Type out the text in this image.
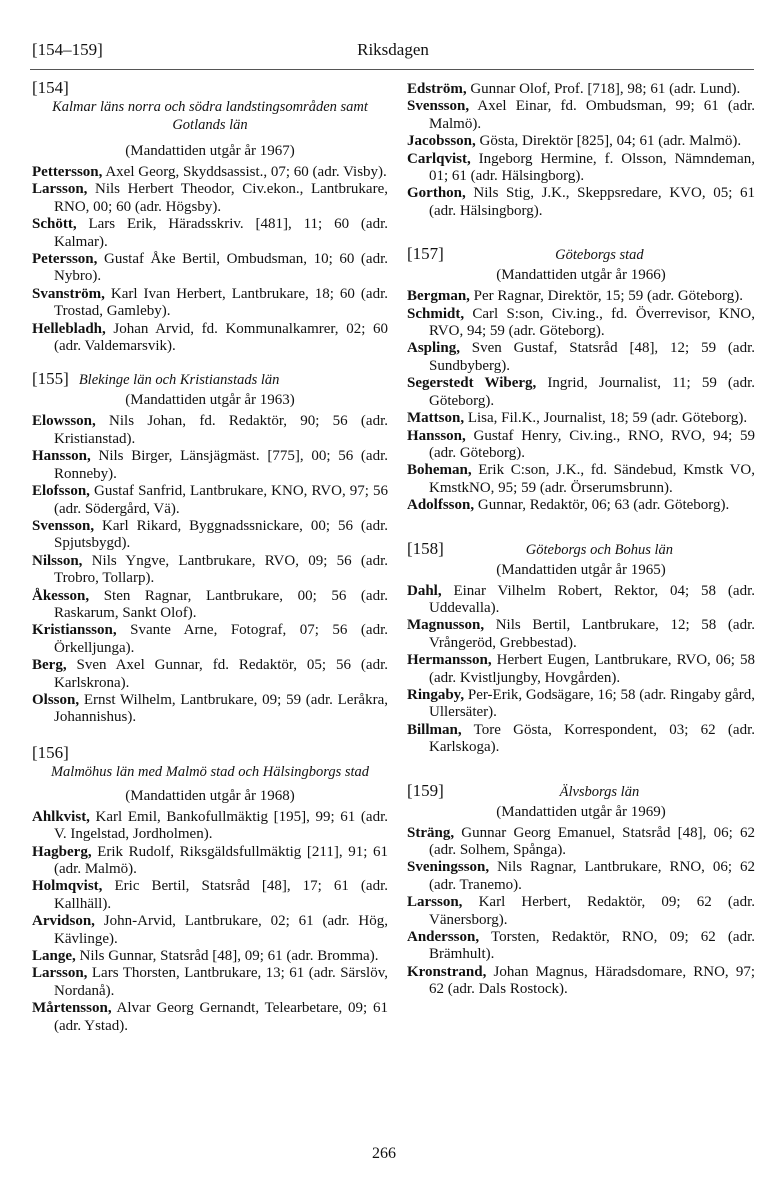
[154–159]	Riksdagen
[154]
Kalmar läns norra och södra landstingsområden samt Gotlands län
(Mandattiden utgår år 1967)
Pettersson, Axel Georg, Skyddsassist., 07; 60 (adr. Visby).
Larsson, Nils Herbert Theodor, Civ.ekon., Lantbrukare, RNO, 00; 60 (adr. Högsby).
Schött, Lars Erik, Häradsskriv. [481], 11; 60 (adr. Kalmar).
Petersson, Gustaf Åke Bertil, Ombudsman, 10; 60 (adr. Nybro).
Svanström, Karl Ivan Herbert, Lantbrukare, 18; 60 (adr. Trostad, Gamleby).
Hellebladh, Johan Arvid, fd. Kommunalkamrer, 02; 60 (adr. Valdemarsvik).
[155] Blekinge län och Kristianstads län
(Mandattiden utgår år 1963)
Elowsson, Nils Johan, fd. Redaktör, 90; 56 (adr. Kristianstad).
Hansson, Nils Birger, Länsjägmäst. [775], 00; 56 (adr. Ronneby).
Elofsson, Gustaf Sanfrid, Lantbrukare, KNO, RVO, 97; 56 (adr. Södergård, Vä).
Svensson, Karl Rikard, Byggnadssnickare, 00; 56 (adr. Spjutsbygd).
Nilsson, Nils Yngve, Lantbrukare, RVO, 09; 56 (adr. Trobro, Tollarp).
Åkesson, Sten Ragnar, Lantbrukare, 00; 56 (adr. Raskarum, Sankt Olof).
Kristiansson, Svante Arne, Fotograf, 07; 56 (adr. Örkelljunga).
Berg, Sven Axel Gunnar, fd. Redaktör, 05; 56 (adr. Karlskrona).
Olsson, Ernst Wilhelm, Lantbrukare, 09; 59 (adr. Leråkra, Johannishus).
[156]
Malmöhus län med Malmö stad och Hälsingborgs stad
(Mandattiden utgår år 1968)
Ahlkvist, Karl Emil, Bankofullmäktig [195], 99; 61 (adr. V. Ingelstad, Jordholmen).
Hagberg, Erik Rudolf, Riksgäldsfullmäktig [211], 91; 61 (adr. Malmö).
Holmqvist, Eric Bertil, Statsråd [48], 17; 61 (adr. Kallhäll).
Arvidson, John-Arvid, Lantbrukare, 02; 61 (adr. Hög, Kävlinge).
Lange, Nils Gunnar, Statsråd [48], 09; 61 (adr. Bromma).
Larsson, Lars Thorsten, Lantbrukare, 13; 61 (adr. Särslöv, Nordanå).
Mårtensson, Alvar Georg Gernandt, Telearbetare, 09; 61 (adr. Ystad).
Edström, Gunnar Olof, Prof. [718], 98; 61 (adr. Lund).
Svensson, Axel Einar, fd. Ombudsman, 99; 61 (adr. Malmö).
Jacobsson, Gösta, Direktör [825], 04; 61 (adr. Malmö).
Carlqvist, Ingeborg Hermine, f. Olsson, Nämndeman, 01; 61 (adr. Hälsingborg).
Gorthon, Nils Stig, J.K., Skeppsredare, KVO, 05; 61 (adr. Hälsingborg).
[157]	Göteborgs stad
(Mandattiden utgår år 1966)
Bergman, Per Ragnar, Direktör, 15; 59 (adr. Göteborg).
Schmidt, Carl S:son, Civ.ing., fd. Överrevisor, KNO, RVO, 94; 59 (adr. Göteborg).
Aspling, Sven Gustaf, Statsråd [48], 12; 59 (adr. Sundbyberg).
Segerstedt Wiberg, Ingrid, Journalist, 11; 59 (adr. Göteborg).
Mattson, Lisa, Fil.K., Journalist, 18; 59 (adr. Göteborg).
Hansson, Gustaf Henry, Civ.ing., RNO, RVO, 94; 59 (adr. Göteborg).
Boheman, Erik C:son, J.K., fd. Sändebud, Kmstk VO, KmstkNO, 95; 59 (adr. Örserumsbrunn).
Adolfsson, Gunnar, Redaktör, 06; 63 (adr. Göteborg).
[158]	Göteborgs och Bohus län
(Mandattiden utgår år 1965)
Dahl, Einar Vilhelm Robert, Rektor, 04; 58 (adr. Uddevalla).
Magnusson, Nils Bertil, Lantbrukare, 12; 58 (adr. Vrångeröd, Grebbestad).
Hermansson, Herbert Eugen, Lantbrukare, RVO, 06; 58 (adr. Kvistljungby, Hovgården).
Ringaby, Per-Erik, Godsägare, 16; 58 (adr. Ringaby gård, Ullersäter).
Billman, Tore Gösta, Korrespondent, 03; 62 (adr. Karlskoga).
[159]	Älvsborgs län
(Mandattiden utgår år 1969)
Sträng, Gunnar Georg Emanuel, Statsråd [48], 06; 62 (adr. Solhem, Spånga).
Sveningsson, Nils Ragnar, Lantbrukare, RNO, 06; 62 (adr. Tranemo).
Larsson, Karl Herbert, Redaktör, 09; 62 (adr. Vänersborg).
Andersson, Torsten, Redaktör, RNO, 09; 62 (adr. Brämhult).
Kronstrand, Johan Magnus, Häradsdomare, RNO, 97; 62 (adr. Dals Rostock).
266
